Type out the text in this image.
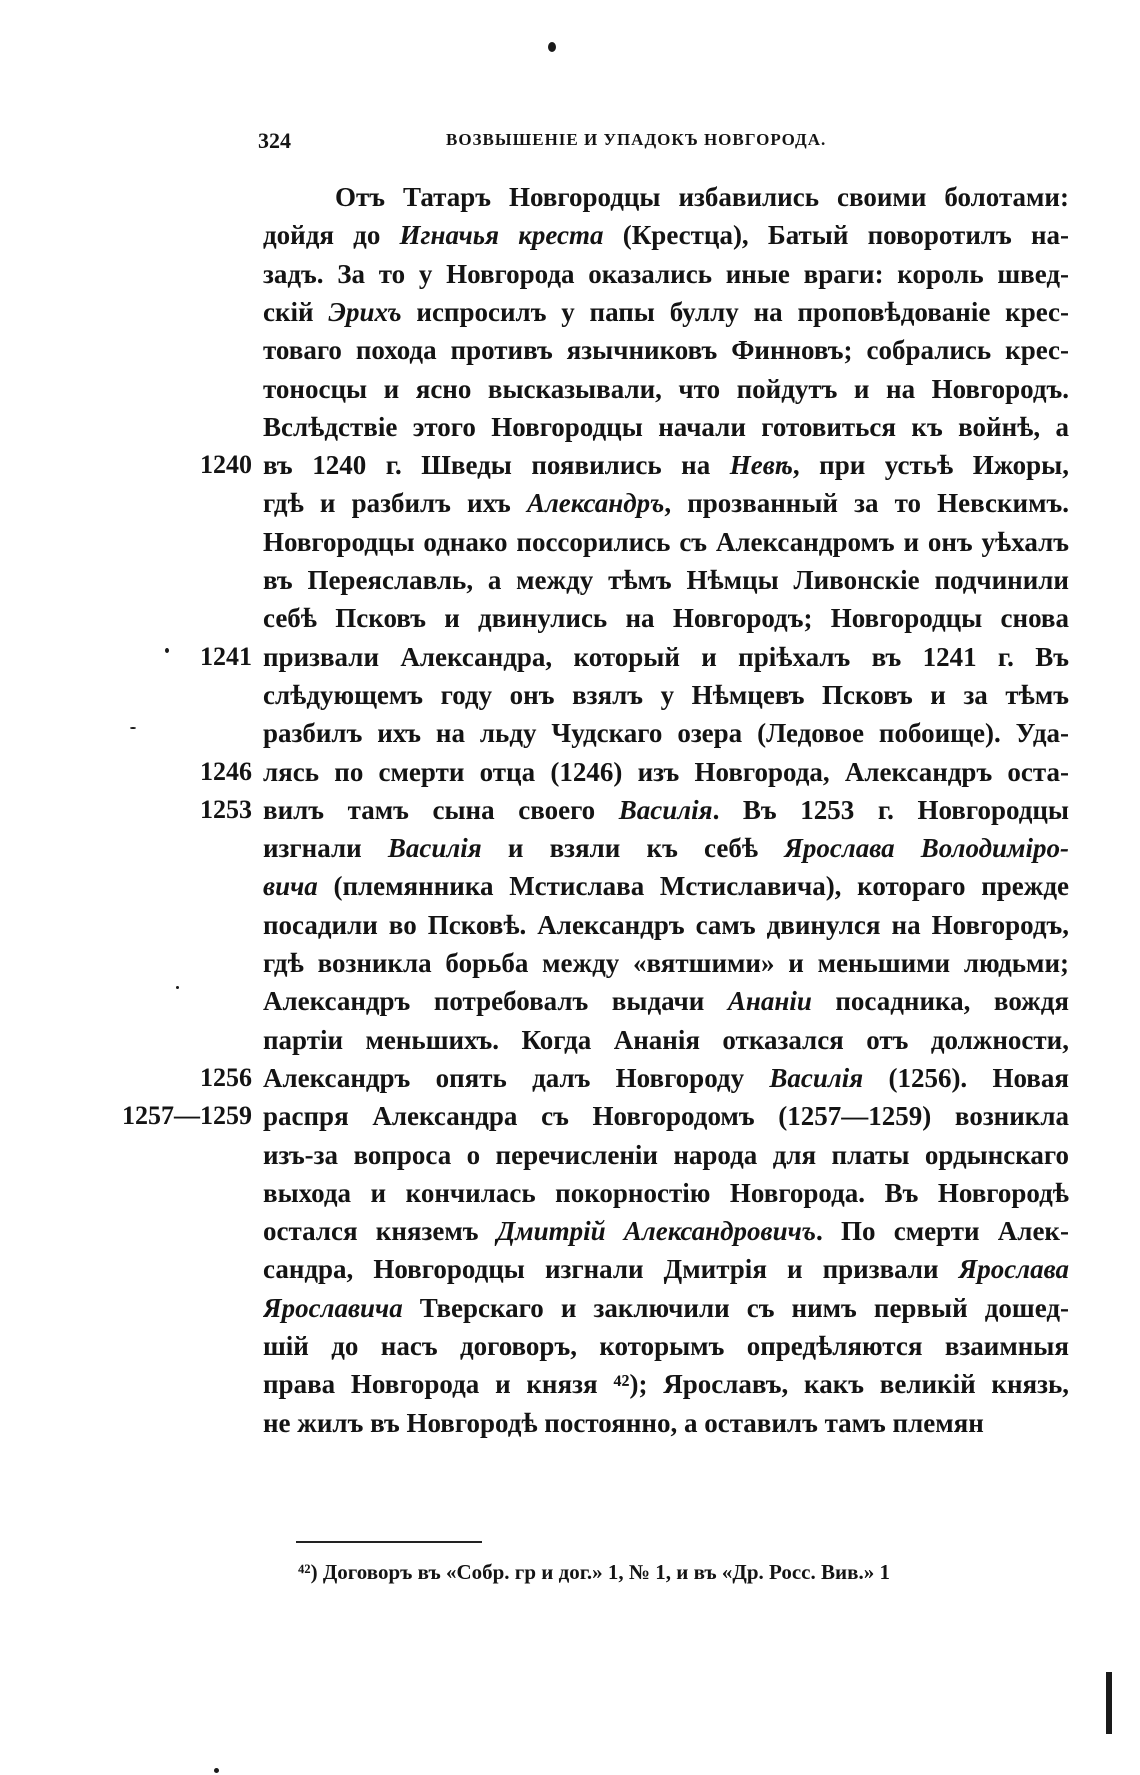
324	ВОЗВЫШЕНІЕ И УПАДОКЪ НОВГОРОДА.
Отъ Татаръ Новгородцы избавились своими болотами:
дойдя до Игначья креста (Крестца), Батый поворотилъ на-
задъ. За то у Новгорода оказались иные враги: король швед-
скій Эрихъ испросилъ у папы буллу на проповѣдованіе крес-
товаго похода противъ язычниковъ Финновъ; собрались крес-
тоносцы и ясно высказывали, что пойдутъ и на Новгородъ.
Вслѣдствіе этого Новгородцы начали готовиться къ войнѣ, а
въ 1240 г. Шведы появились на Невѣ, при устьѣ Ижоры,
1240
гдѣ и разбилъ ихъ Александръ, прозванный за то Невскимъ.
Новгородцы однако поссорились съ Александромъ и онъ уѣхалъ
въ Переяславль, а между тѣмъ Нѣмцы Ливонскіе подчинили
себѣ Псковъ и двинулись на Новгородъ; Новгородцы снова
призвали Александра, который и пріѣхалъ въ 1241 г. Въ
1241
слѣдующемъ году онъ взялъ у Нѣмцевъ Псковъ и за тѣмъ
разбилъ ихъ на льду Чудскаго озера (Ледовое побоище). Уда-
лясь по смерти отца (1246) изъ Новгорода, Александръ оста-
1246
вилъ тамъ сына своего Василія. Въ 1253 г. Новгородцы
1253
изгнали Василія и взяли къ себѣ Ярослава Володиміро-
вича (племянника Мстислава Мстиславича), котораго прежде
посадили во Псковѣ. Александръ самъ двинулся на Новгородъ,
гдѣ возникла борьба между «вятшими» и меньшими людьми;
Александръ потребовалъ выдачи Ананіи посадника, вождя
партіи меньшихъ. Когда Ананія отказался отъ должности,
Александръ опять далъ Новгороду Василія (1256). Новая
1256
распря Александра съ Новгородомъ (1257—1259) возникла
1257—1259
изъ-за вопроса о перечисленіи народа для платы ордынскаго
выхода и кончилась покорностію Новгорода. Въ Новгородѣ
остался княземъ Дмитрій Александровичъ. По смерти Алек-
сандра, Новгородцы изгнали Дмитрія и призвали Ярослава
Ярославича Тверскаго и заключили съ нимъ первый дошед-
шій до насъ договоръ, которымъ опредѣляются взаимныя
права Новгорода и князя ⁴²); Ярославъ, какъ великій князь,
не жилъ въ Новгородѣ постоянно, а оставилъ тамъ племян
⁴²) Договоръ въ «Собр. гр и дог.» 1, № 1, и въ «Др. Росс. Вив.» 1
